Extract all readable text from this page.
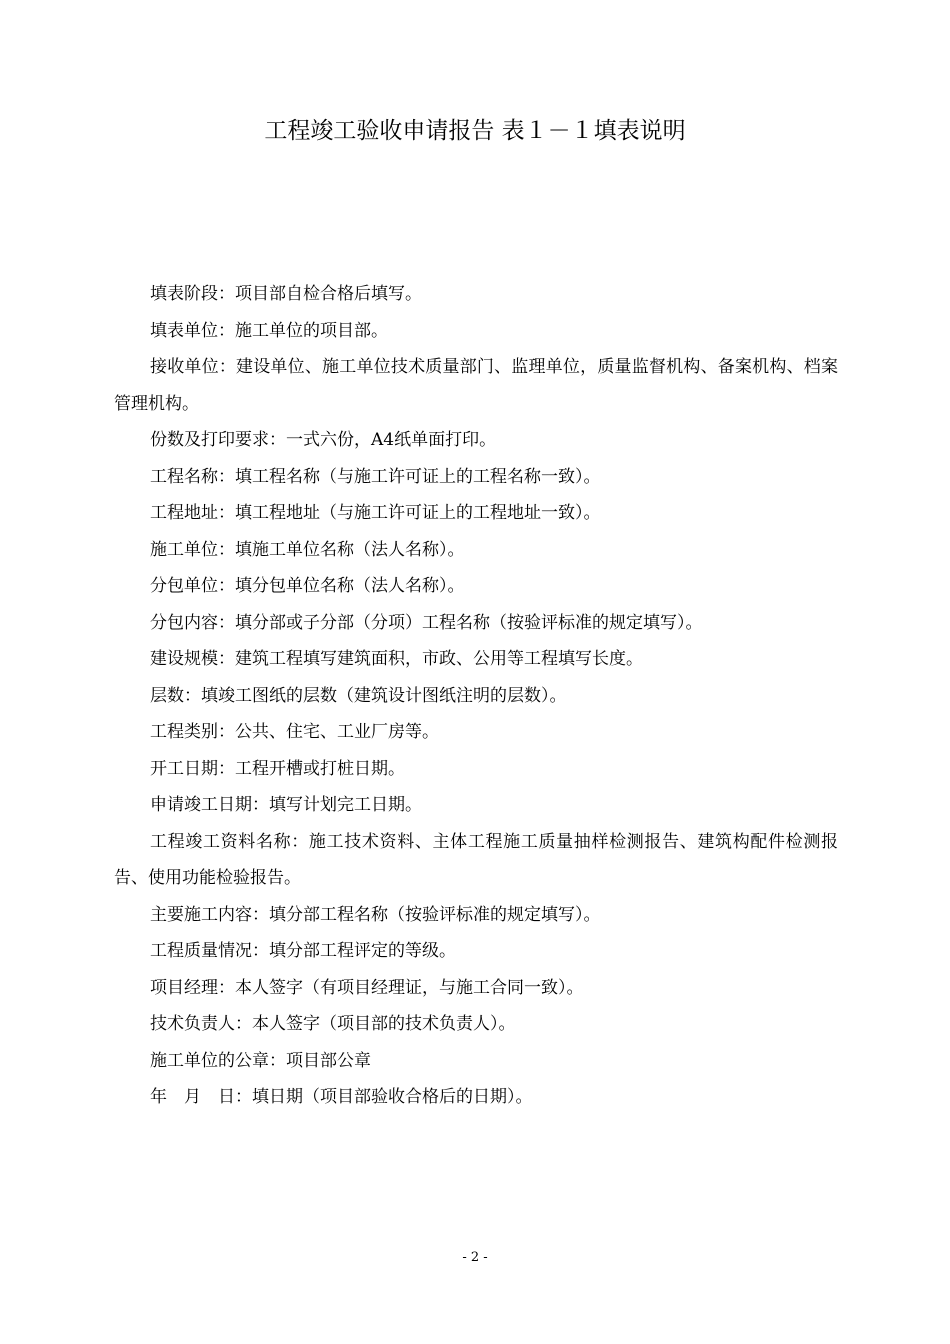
工程竣工验收申请报告 表１－１填表说明

填表阶段：项目部自检合格后填写。

填表单位：施工单位的项目部。

接收单位：建设单位、施工单位技术质量部门、监理单位，质量监督机构、备案机构、档案管理机构。

份数及打印要求：一式六份，A4纸单面打印。

工程名称：填工程名称（与施工许可证上的工程名称一致）。

工程地址：填工程地址（与施工许可证上的工程地址一致）。

施工单位：填施工单位名称（法人名称）。

分包单位：填分包单位名称（法人名称）。

分包内容：填分部或子分部（分项）工程名称（按验评标准的规定填写）。

建设规模：建筑工程填写建筑面积，市政、公用等工程填写长度。

层数：填竣工图纸的层数（建筑设计图纸注明的层数）。

工程类别：公共、住宅、工业厂房等。

开工日期：工程开槽或打桩日期。

申请竣工日期：填写计划完工日期。

工程竣工资料名称：施工技术资料、主体工程施工质量抽样检测报告、建筑构配件检测报告、使用功能检验报告。

主要施工内容：填分部工程名称（按验评标准的规定填写）。

工程质量情况：填分部工程评定的等级。

项目经理：本人签字（有项目经理证，与施工合同一致）。

技术负责人：本人签字（项目部的技术负责人）。

施工单位的公章：项目部公章

年　月　日：填日期（项目部验收合格后的日期）。

- 2 -
